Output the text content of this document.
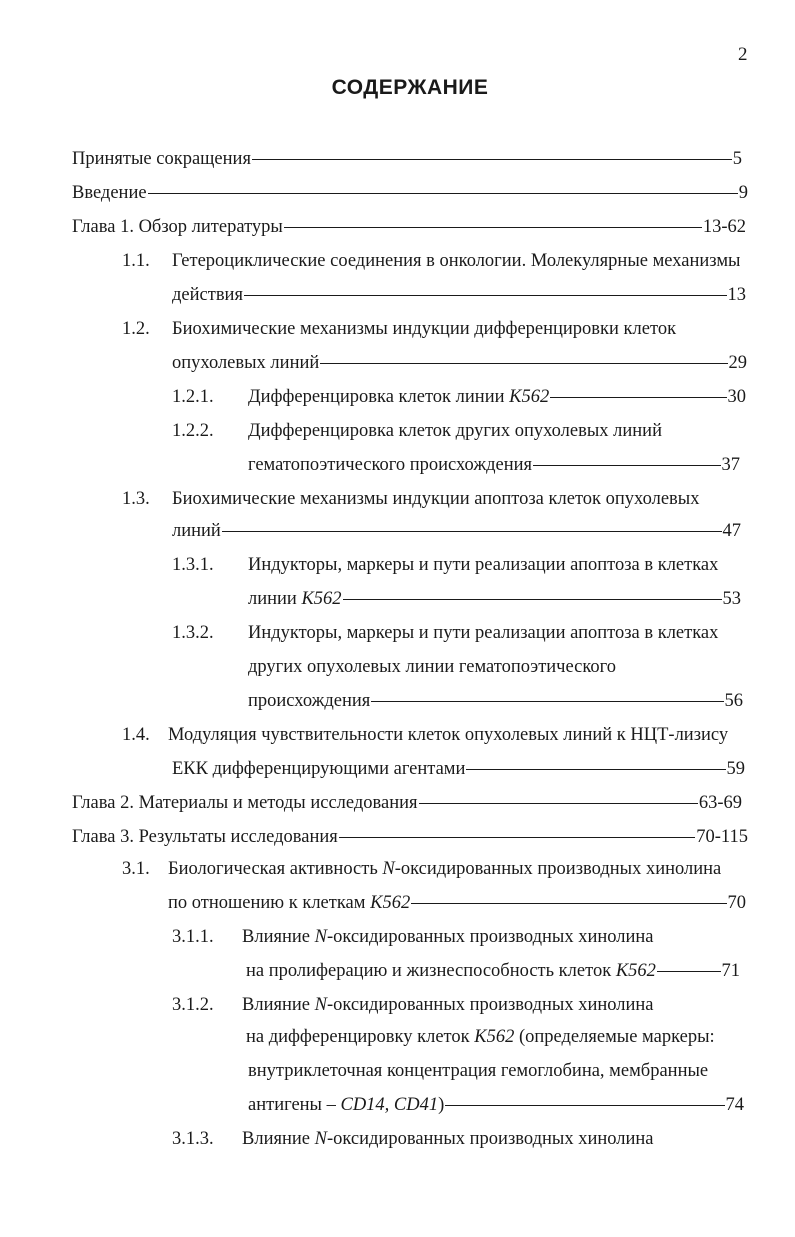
2
СОДЕРЖАНИЕ
Принятые сокращения	5
Введение	9
Глава 1. Обзор литературы	13-62
1.1. Гетероциклические соединения в онкологии. Молекулярные механизмы
действия	13
1.2. Биохимические механизмы индукции дифференцировки клеток
опухолевых линий	29
1.2.1. Дифференцировка клеток линии K562	30
1.2.2. Дифференцировка клеток других опухолевых линий
гематопоэтического происхождения	37
1.3. Биохимические механизмы индукции апоптоза клеток опухолевых
линий	47
1.3.1. Индукторы, маркеры и пути реализации апоптоза в клетках
линии K562	53
1.3.2. Индукторы, маркеры и пути реализации апоптоза в клетках
других опухолевых линии гематопоэтического
происхождения	56
1.4. Модуляция чувствительности клеток опухолевых линий к НЦТ-лизису
ЕКК дифференцирующими агентами	59
Глава 2. Материалы и методы исследования	63-69
Глава 3. Результаты исследования	70-115
3.1. Биологическая активность N-оксидированных производных хинолина
по отношению к клеткам K562	70
3.1.1. Влияние N-оксидированных производных хинолина
на пролиферацию и жизнеспособность клеток K562	71
3.1.2. Влияние N-оксидированных производных хинолина
на дифференцировку клеток K562 (определяемые маркеры:
внутриклеточная концентрация гемоглобина, мембранные
антигены – CD14, CD41)	74
3.1.3. Влияние N-оксидированных производных хинолина
